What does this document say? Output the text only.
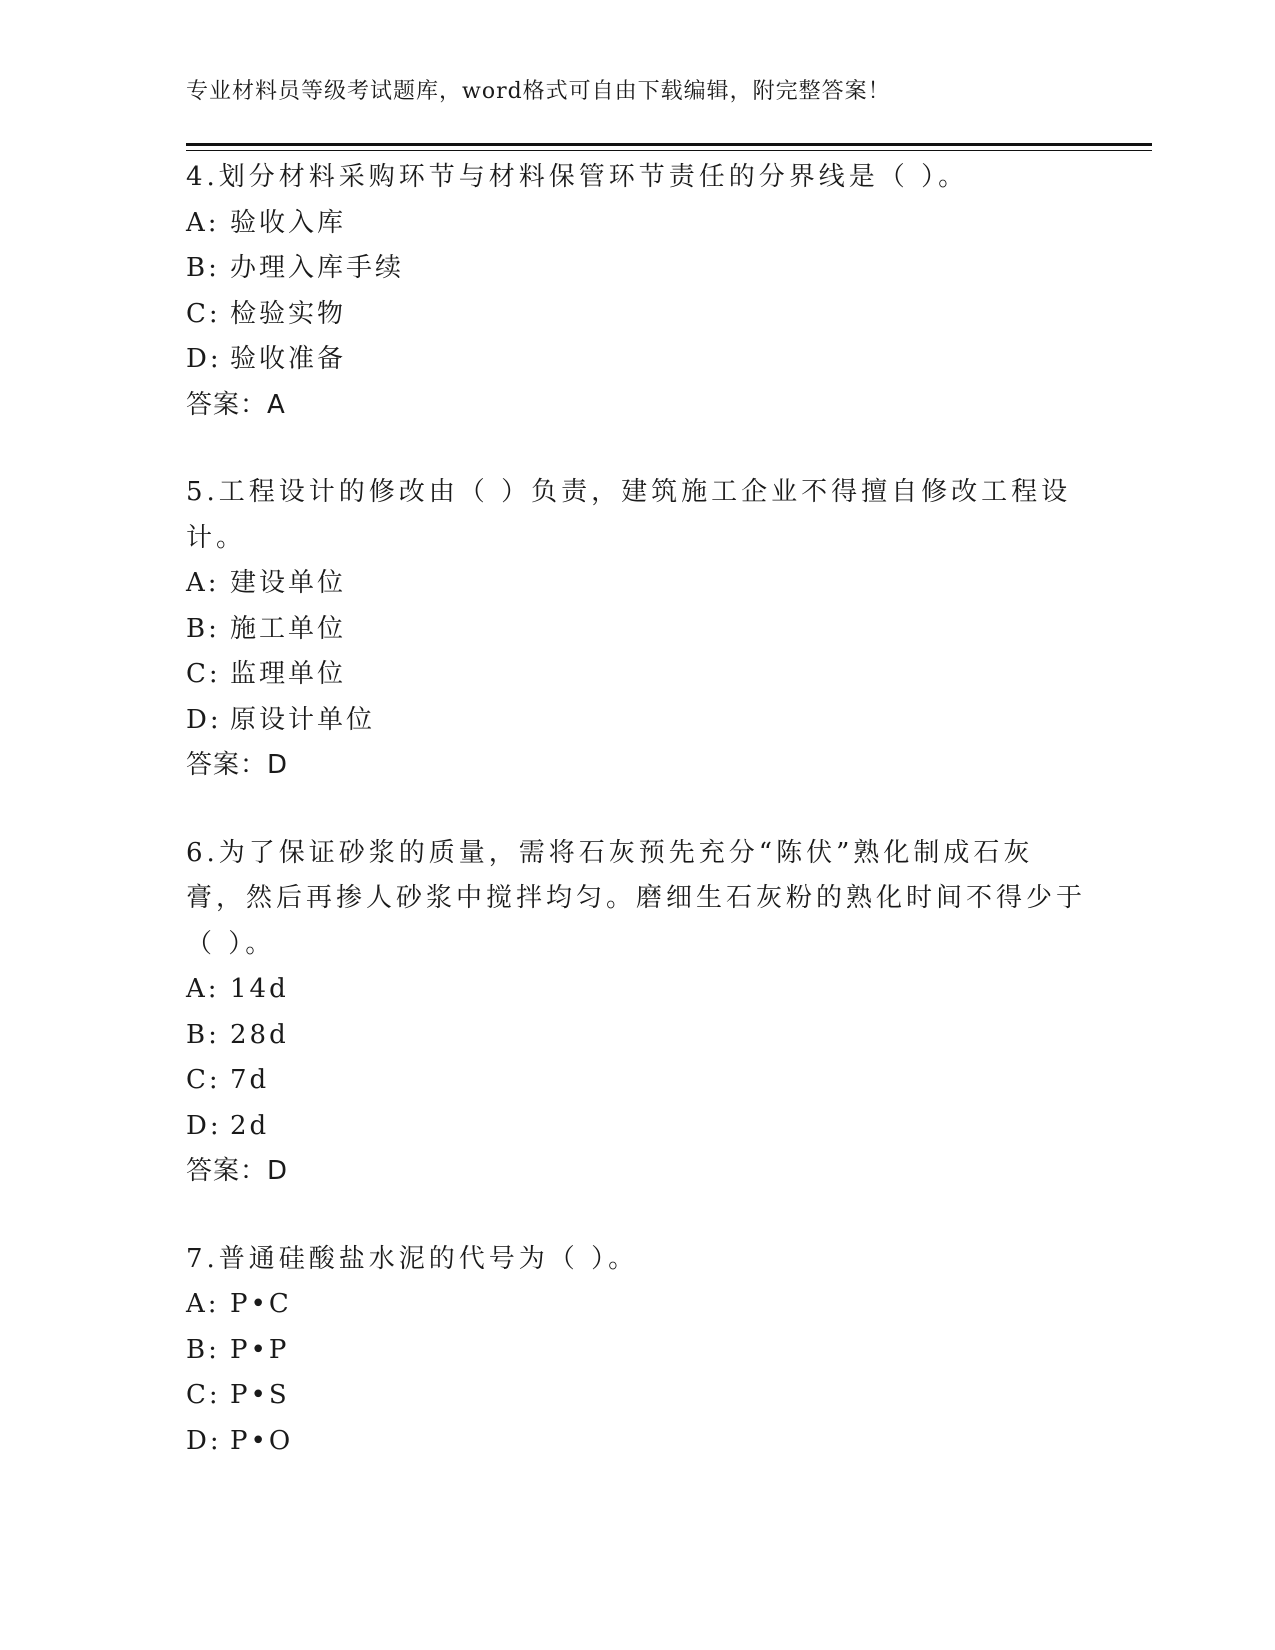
专业材料员等级考试题库，word格式可自由下载编辑，附完整答案！
4.划分材料采购环节与材料保管环节责任的分界线是（ ）。
A: 验收入库
B: 办理入库手续
C: 检验实物
D: 验收准备
答案：A
5.工程设计的修改由（ ）负责，建筑施工企业不得擅自修改工程设计。
A: 建设单位
B: 施工单位
C: 监理单位
D: 原设计单位
答案：D
6.为了保证砂浆的质量，需将石灰预先充分“陈伏”熟化制成石灰膏，然后再掺人砂浆中搅拌均匀。磨细生石灰粉的熟化时间不得少于（ ）。
A: 14d
B: 28d
C: 7d
D: 2d
答案：D
7.普通硅酸盐水泥的代号为（ ）。
A: P•C
B: P•P
C: P•S
D: P•O
